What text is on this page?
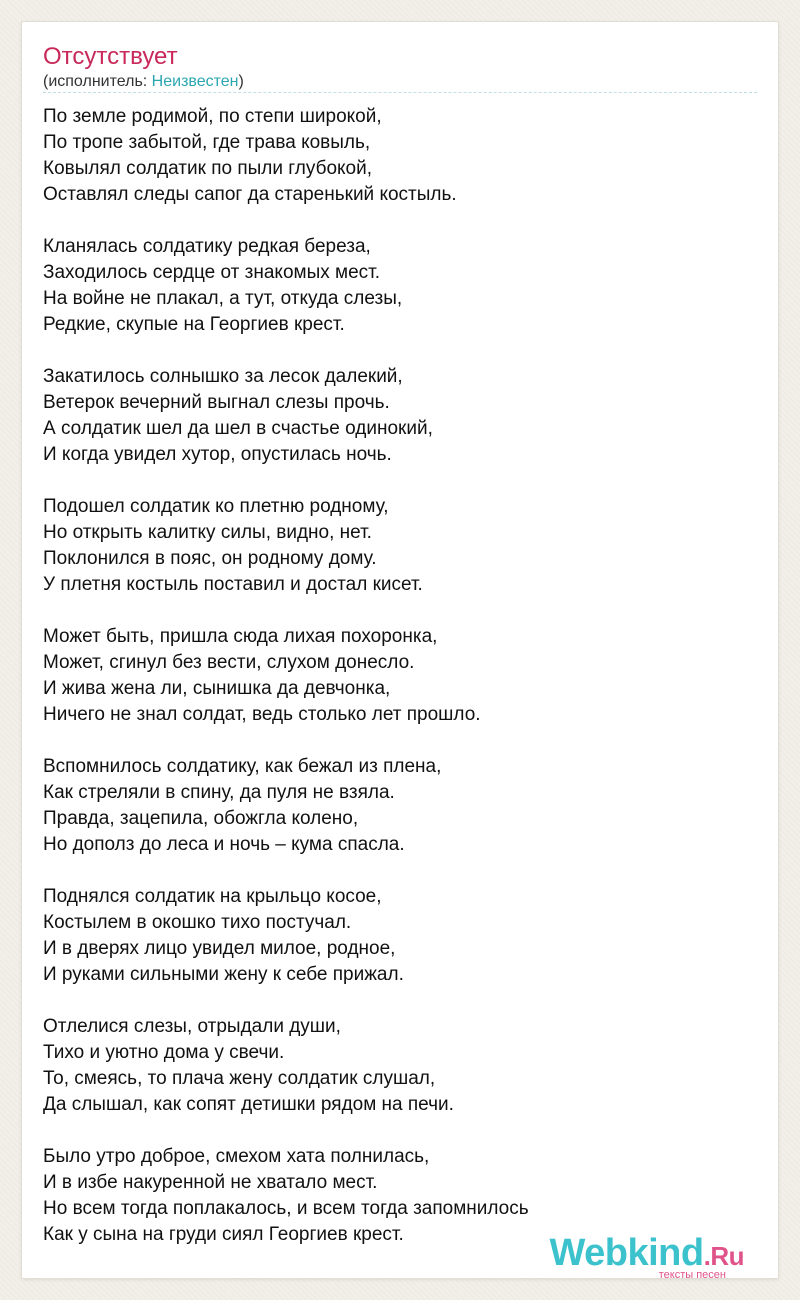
Отсутствует
(исполнитель: Неизвестен)
По земле родимой, по степи широкой,
По тропе забытой, где трава ковыль,
Ковылял солдатик по пыли глубокой,
Оставлял следы сапог да старенький костыль.
Кланялась солдатику редкая береза,
Заходилось сердце от знакомых мест.
На войне не плакал, а тут, откуда слезы,
Редкие, скупые на Георгиев крест.
Закатилось солнышко за лесок далекий,
Ветерок вечерний выгнал слезы прочь.
А солдатик шел да шел в счастье одинокий,
И когда увидел хутор, опустилась ночь.
Подошел солдатик ко плетню родному,
Но открыть калитку силы, видно, нет.
Поклонился в пояс, он родному дому.
У плетня костыль поставил и достал кисет.
Может быть, пришла сюда лихая похоронка,
Может, сгинул без вести, слухом донесло.
И жива жена ли, сынишка да девчонка,
Ничего не знал солдат, ведь столько лет прошло.
Вспомнилось солдатику, как бежал из плена,
Как стреляли в спину, да пуля не взяла.
Правда, зацепила, обожгла колено,
Но дополз до леса и ночь – кума спасла.
Поднялся солдатик на крыльцо косое,
Костылем в окошко тихо постучал.
И в дверях лицо увидел милое, родное,
И руками сильными жену к себе прижал.
Отлелися слезы, отрыдали души,
Тихо и уютно дома у свечи.
То, смеясь, то плача жену солдатик слушал,
Да слышал, как сопят детишки рядом на печи.
Было утро доброе, смехом хата полнилась,
И в избе накуренной не хватало мест.
Но всем тогда поплакалось, и всем тогда запомнилось
Как у сына на груди сиял Георгиев крест.	Webkind.Ru
тексты песен
